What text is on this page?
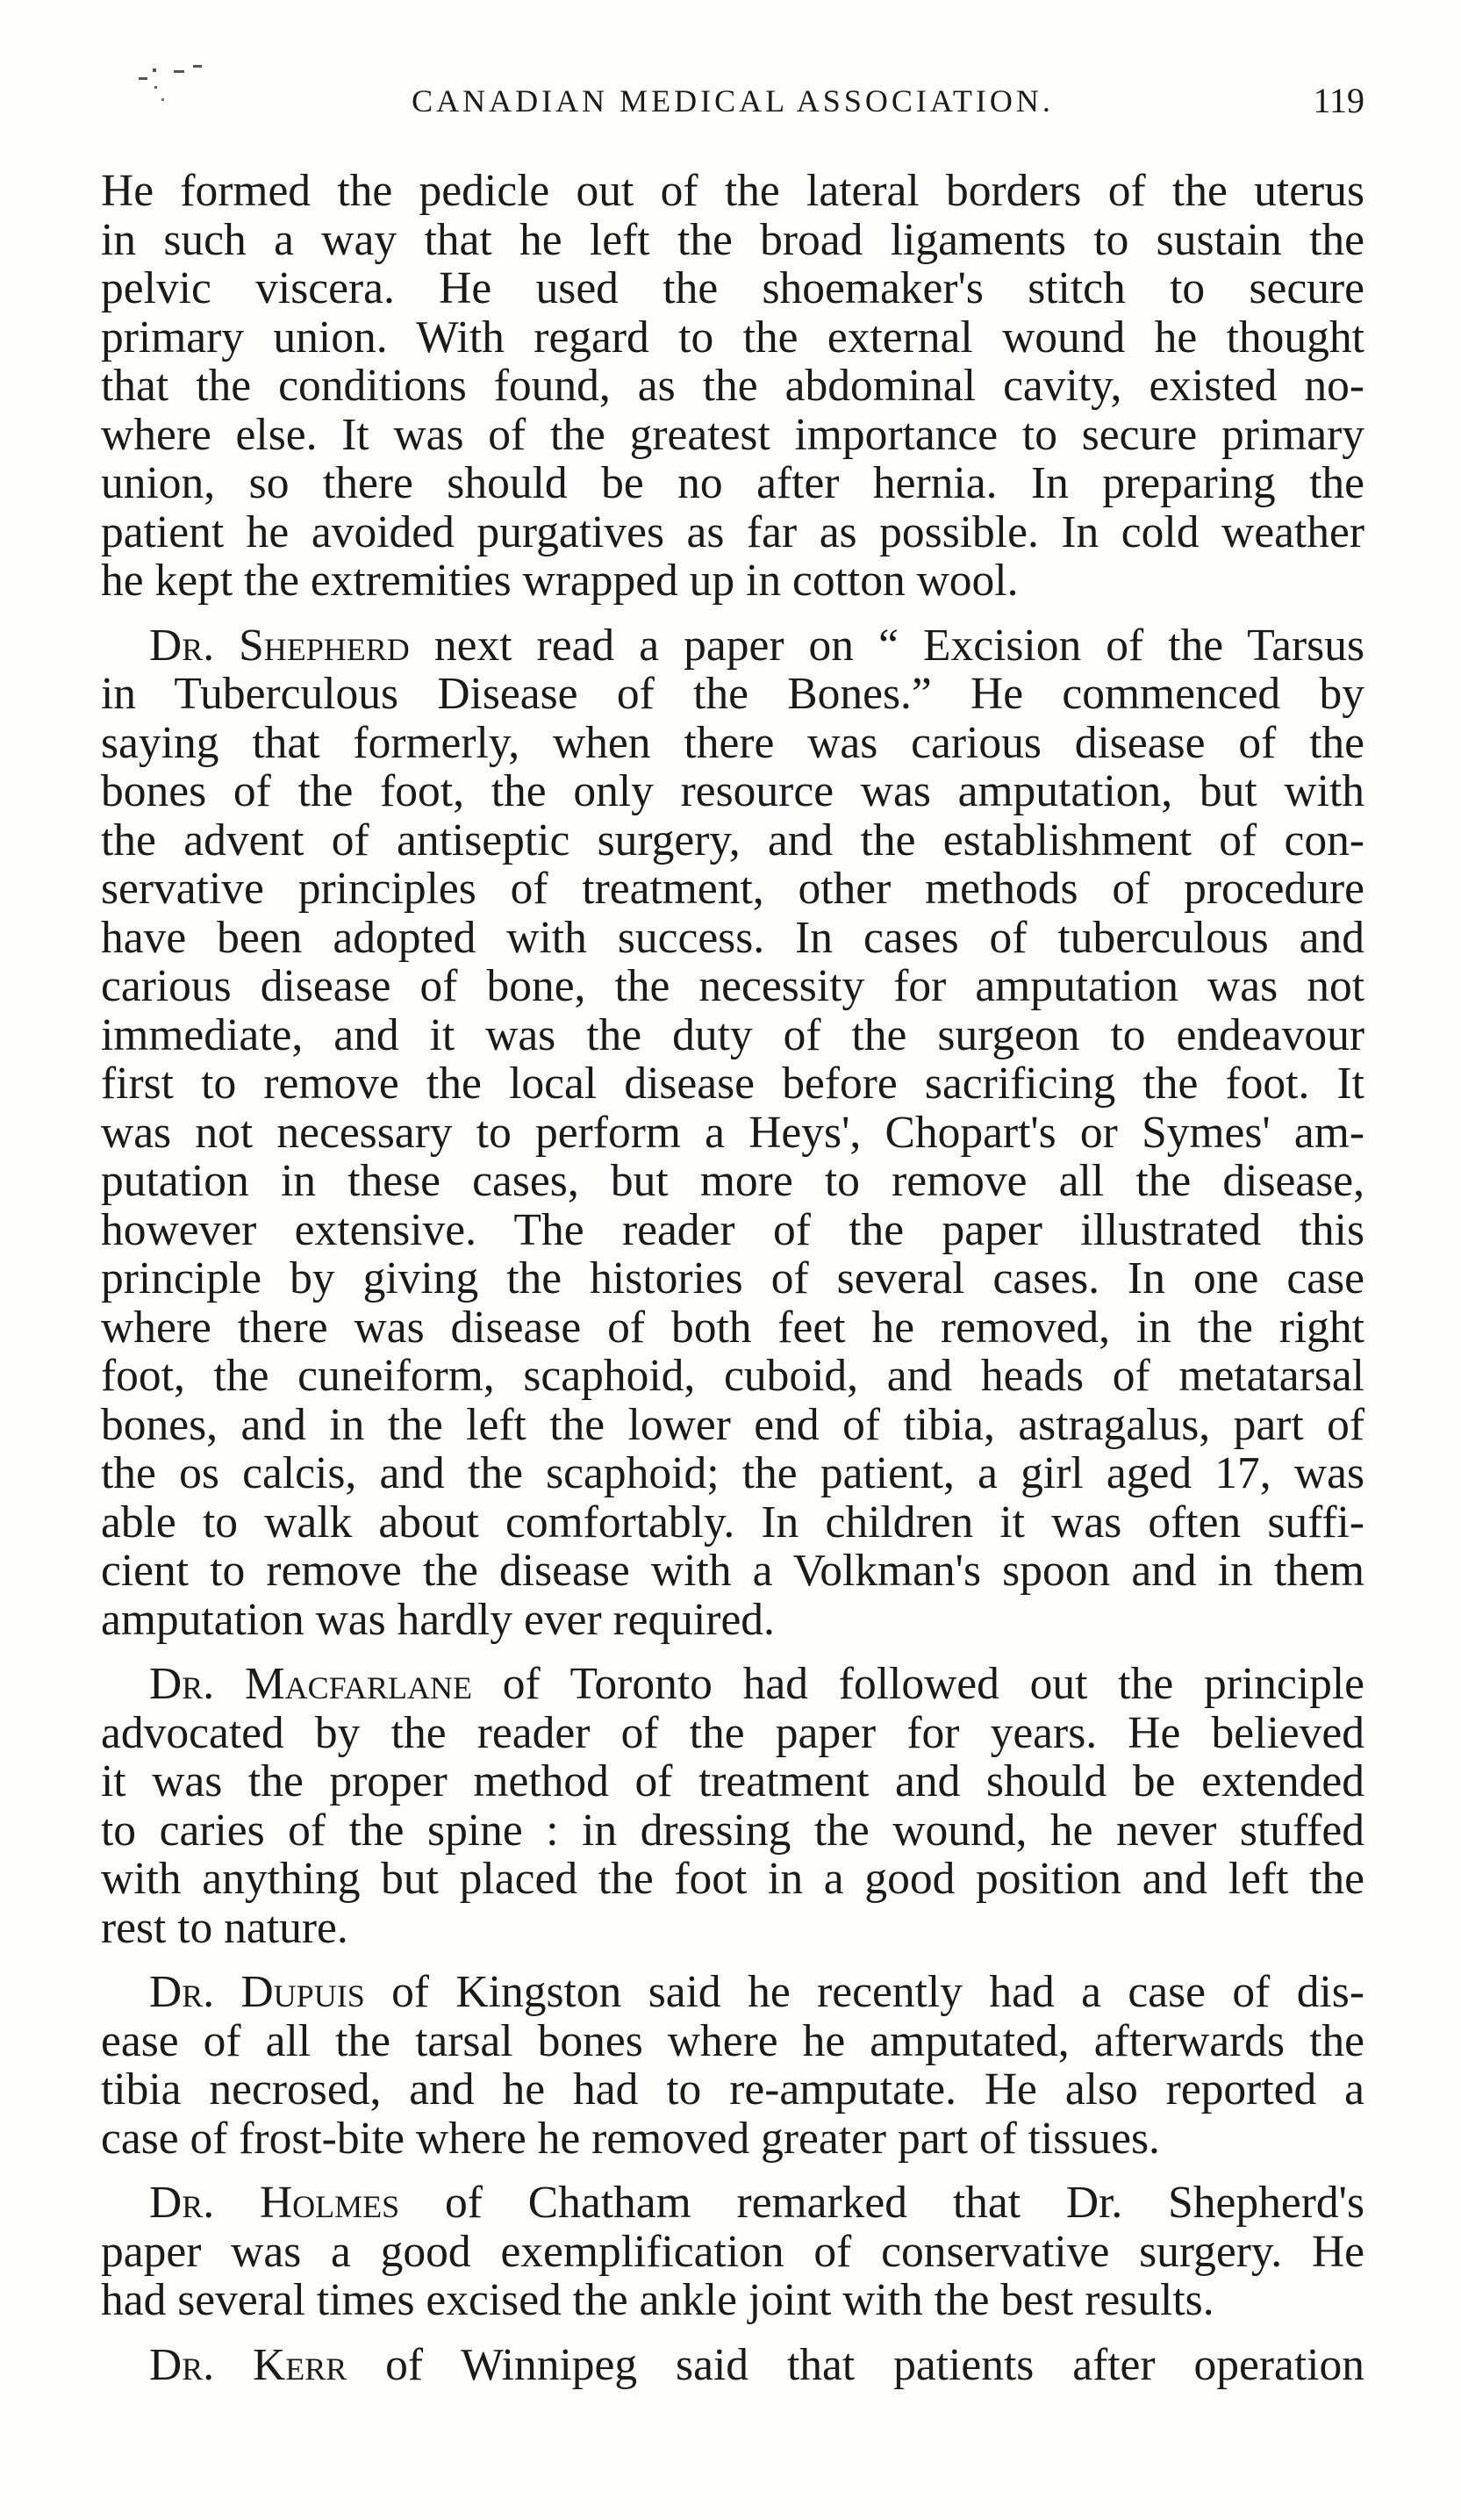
CANADIAN MEDICAL ASSOCIATION.	119
He formed the pedicle out of the lateral borders of the uterus
in such a way that he left the broad ligaments to sustain the
pelvic viscera. He used the shoemaker's stitch to secure
primary union. With regard to the external wound he thought
that the conditions found, as the abdominal cavity, existed no-
where else. It was of the greatest importance to secure primary
union, so there should be no after hernia. In preparing the
patient he avoided purgatives as far as possible. In cold weather
he kept the extremities wrapped up in cotton wool.
Dr. Shepherd next read a paper on “ Excision of the Tarsus
in Tuberculous Disease of the Bones.” He commenced by
saying that formerly, when there was carious disease of the
bones of the foot, the only resource was amputation, but with
the advent of antiseptic surgery, and the establishment of con-
servative principles of treatment, other methods of procedure
have been adopted with success. In cases of tuberculous and
carious disease of bone, the necessity for amputation was not
immediate, and it was the duty of the surgeon to endeavour
first to remove the local disease before sacrificing the foot. It
was not necessary to perform a Heys', Chopart's or Symes' am-
putation in these cases, but more to remove all the disease,
however extensive. The reader of the paper illustrated this
principle by giving the histories of several cases. In one case
where there was disease of both feet he removed, in the right
foot, the cuneiform, scaphoid, cuboid, and heads of metatarsal
bones, and in the left the lower end of tibia, astragalus, part of
the os calcis, and the scaphoid; the patient, a girl aged 17, was
able to walk about comfortably. In children it was often suffi-
cient to remove the disease with a Volkman's spoon and in them
amputation was hardly ever required.
Dr. Macfarlane of Toronto had followed out the principle
advocated by the reader of the paper for years. He believed
it was the proper method of treatment and should be extended
to caries of the spine : in dressing the wound, he never stuffed
with anything but placed the foot in a good position and left the
rest to nature.
Dr. Dupuis of Kingston said he recently had a case of dis-
ease of all the tarsal bones where he amputated, afterwards the
tibia necrosed, and he had to re-amputate. He also reported a
case of frost-bite where he removed greater part of tissues.
Dr. Holmes of Chatham remarked that Dr. Shepherd's
paper was a good exemplification of conservative surgery. He
had several times excised the ankle joint with the best results.
Dr. Kerr of Winnipeg said that patients after operation
